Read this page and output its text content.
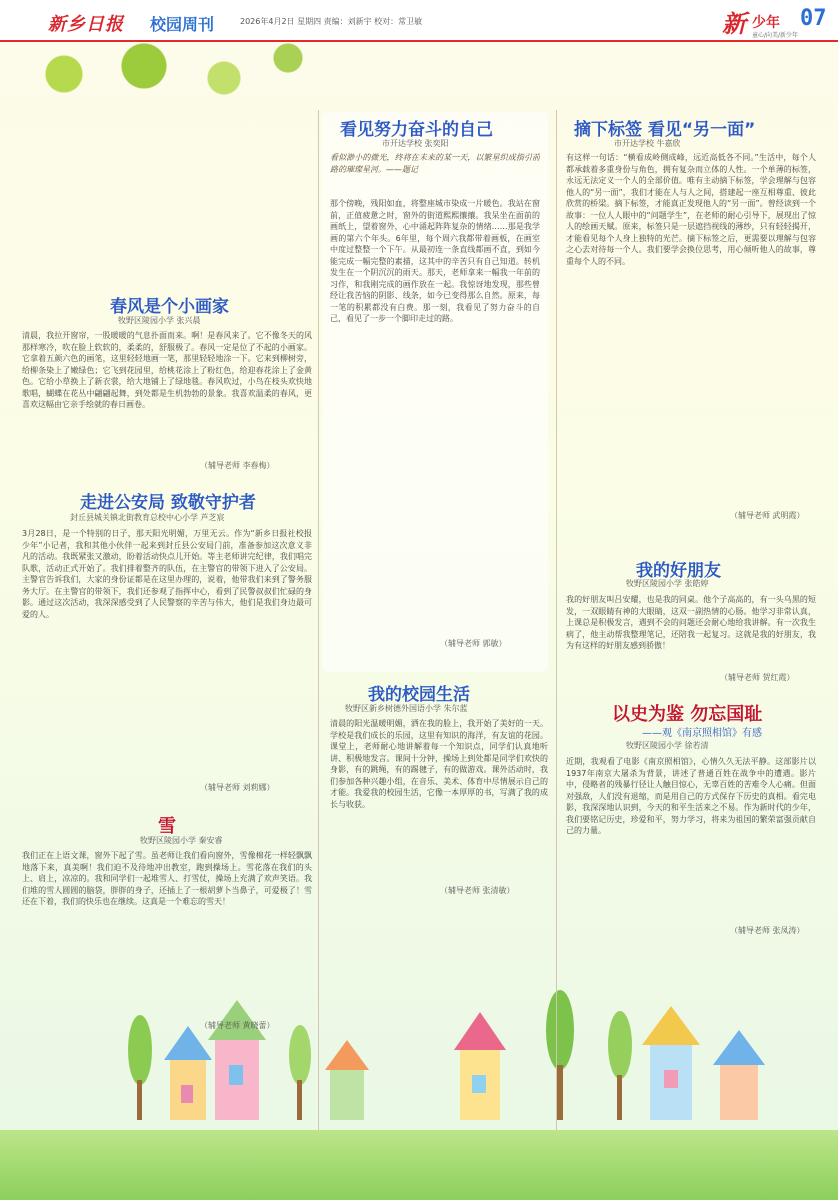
新乡日报 校园周刊	2026年4月2日 星期四 责编：刘新宇 校对：常卫敏	新 少年
童心/向美/新少年
07
看见努力奋斗的自己
市开达学校 张奕阳
看似渺小的微光，终将在未来的某一天，以繁星织成指引前路的璀璨星河。——题记
那个傍晚，残阳如血，将整座城市染成一片暖色。我站在窗前，正值疲惫之时，窗外的街道熙熙攘攘。我呆坐在面前的画纸上，望着窗外，心中涌起阵阵复杂的情绪……那是我学画的第六个年头。6年里，每个周六我都带着画板，在画室中度过整整一个下午。从最初连一条直线都画不直，到如今能完成一幅完整的素描，这其中的辛苦只有自己知道。转机发生在一个阴沉沉的雨天。那天，老师拿来一幅我一年前的习作，和我刚完成的画作放在一起。我惊讶地发现，那些曾经让我苦恼的阴影、线条，如今已变得那么自然。原来，每一笔的积累都没有白费。那一刻，我看见了努力奋斗的自己，看见了一步一个脚印走过的路。
（辅导老师 郭敏）
摘下标签 看见“另一面”
市开达学校 牛嘉欣
有这样一句话：“横看成岭侧成峰，远近高低各不同。”生活中，每个人都承载着多重身份与角色，拥有复杂而立体的人性。一个单薄的标签，永远无法定义一个人的全部价值。唯有主动摘下标签，学会理解与包容他人的“另一面”，我们才能在人与人之间，搭建起一座互相尊重、彼此欣赏的桥梁。摘下标签，才能真正发现他人的“另一面”。曾经读到一个故事：一位人人眼中的“问题学生”，在老师的耐心引导下，展现出了惊人的绘画天赋。原来，标签只是一层遮挡视线的薄纱，只有轻轻揭开，才能看见每个人身上独特的光芒。摘下标签之后，更需要以理解与包容之心去对待每一个人。我们要学会换位思考，用心倾听他人的故事，尊重每个人的不同。
（辅导老师 武明霞）
春风是个小画家
牧野区陵园小学 张兴晨
清晨，我拉开窗帘，一股暖暖的气息扑面而来。啊！是春风来了。它不像冬天的风那样寒冷，吹在脸上软软的，柔柔的，舒服极了。春风一定是位了不起的小画家。它拿着五颜六色的画笔，这里轻轻地画一笔，那里轻轻地涂一下。它来到柳树旁，给柳条染上了嫩绿色；它飞到花园里，给桃花涂上了粉红色，给迎春花涂上了金黄色。它给小草换上了新衣裳，给大地铺上了绿地毯。春风吹过，小鸟在枝头欢快地歌唱，蝴蝶在花丛中翩翩起舞，到处都是生机勃勃的景象。我喜欢温柔的春风，更喜欢这幅由它亲手绘就的春日画卷。
（辅导老师 李春梅）
走进公安局 致敬守护者
封丘县城关镇北街教育总校中心小学 芦芝宸
3月28日，是一个特别的日子，那天阳光明媚，万里无云。作为“新乡日报社校报少年”小记者，我和其他小伙伴一起来到封丘县公安局门前，准备参加这次意义非凡的活动。我既紧张又激动，盼着活动快点儿开始。等主老师讲完纪律，我们唱完队歌，活动正式开始了。我们排着整齐的队伍，在主警官的带领下进入了公安局。主警官告诉我们，大家的身份证都是在这里办理的，说着，他带我们来到了警务服务大厅。在主警官的带领下，我们还参观了指挥中心，看到了民警叔叔们忙碌的身影。通过这次活动，我深深感受到了人民警察的辛苦与伟大，他们是我们身边最可爱的人。
（辅导老师 刘莉娜）
雪
牧野区陵园小学 秦安睿
我们正在上语文课，窗外下起了雪。虽老师让我们看向窗外，雪像棉花一样轻飘飘地落下来，真美啊！我们迫不及待地冲出教室，跑到操场上。雪花落在我们的头上、肩上，凉凉的。我和同学们一起堆雪人、打雪仗，操场上充满了欢声笑语。我们堆的雪人圆圆的脑袋，胖胖的身子，还插上了一根胡萝卜当鼻子，可爱极了！雪还在下着，我们的快乐也在继续。这真是一个难忘的雪天！
（辅导老师 黄晓蕾）
我的校园生活
牧野区新乡树德外国语小学 朱尔蓝
清晨的阳光温暖明媚，洒在我的脸上，我开始了美好的一天。学校是我们成长的乐园，这里有知识的海洋，有友谊的花园。课堂上，老师耐心地讲解着每一个知识点，同学们认真地听讲、积极地发言。课间十分钟，操场上到处都是同学们欢快的身影，有的跳绳，有的踢毽子，有的做游戏。课外活动时，我们参加各种兴趣小组，在音乐、美术、体育中尽情展示自己的才能。我爱我的校园生活，它像一本厚厚的书，写满了我的成长与收获。
（辅导老师 张清敏）
我的好朋友
牧野区陵园小学 张皓婷
我的好朋友叫吕安耀，也是我的同桌。他个子高高的，有一头乌黑的短发，一双眼睛有神的大眼睛，这双一副热情的心肠。他学习非常认真，上课总是积极发言，遇到不会的问题还会耐心地给我讲解。有一次我生病了，他主动帮我整理笔记，还陪我一起复习。这就是我的好朋友，我为有这样的好朋友感到骄傲！
（辅导老师 贺红霞）
以史为鉴 勿忘国耻
——观《南京照相馆》有感
牧野区陵园小学 徐若清
近期，我观看了电影《南京照相馆》，心情久久无法平静。这部影片以1937年南京大屠杀为背景，讲述了普通百姓在战争中的遭遇。影片中，侵略者的残暴行径让人触目惊心，无辜百姓的苦难令人心痛。但面对强敌，人们没有退缩，而是用自己的方式保存下历史的真相。看完电影，我深深地认识到，今天的和平生活来之不易。作为新时代的少年，我们要铭记历史，珍爱和平，努力学习，将来为祖国的繁荣富强贡献自己的力量。
（辅导老师 张凤涛）
